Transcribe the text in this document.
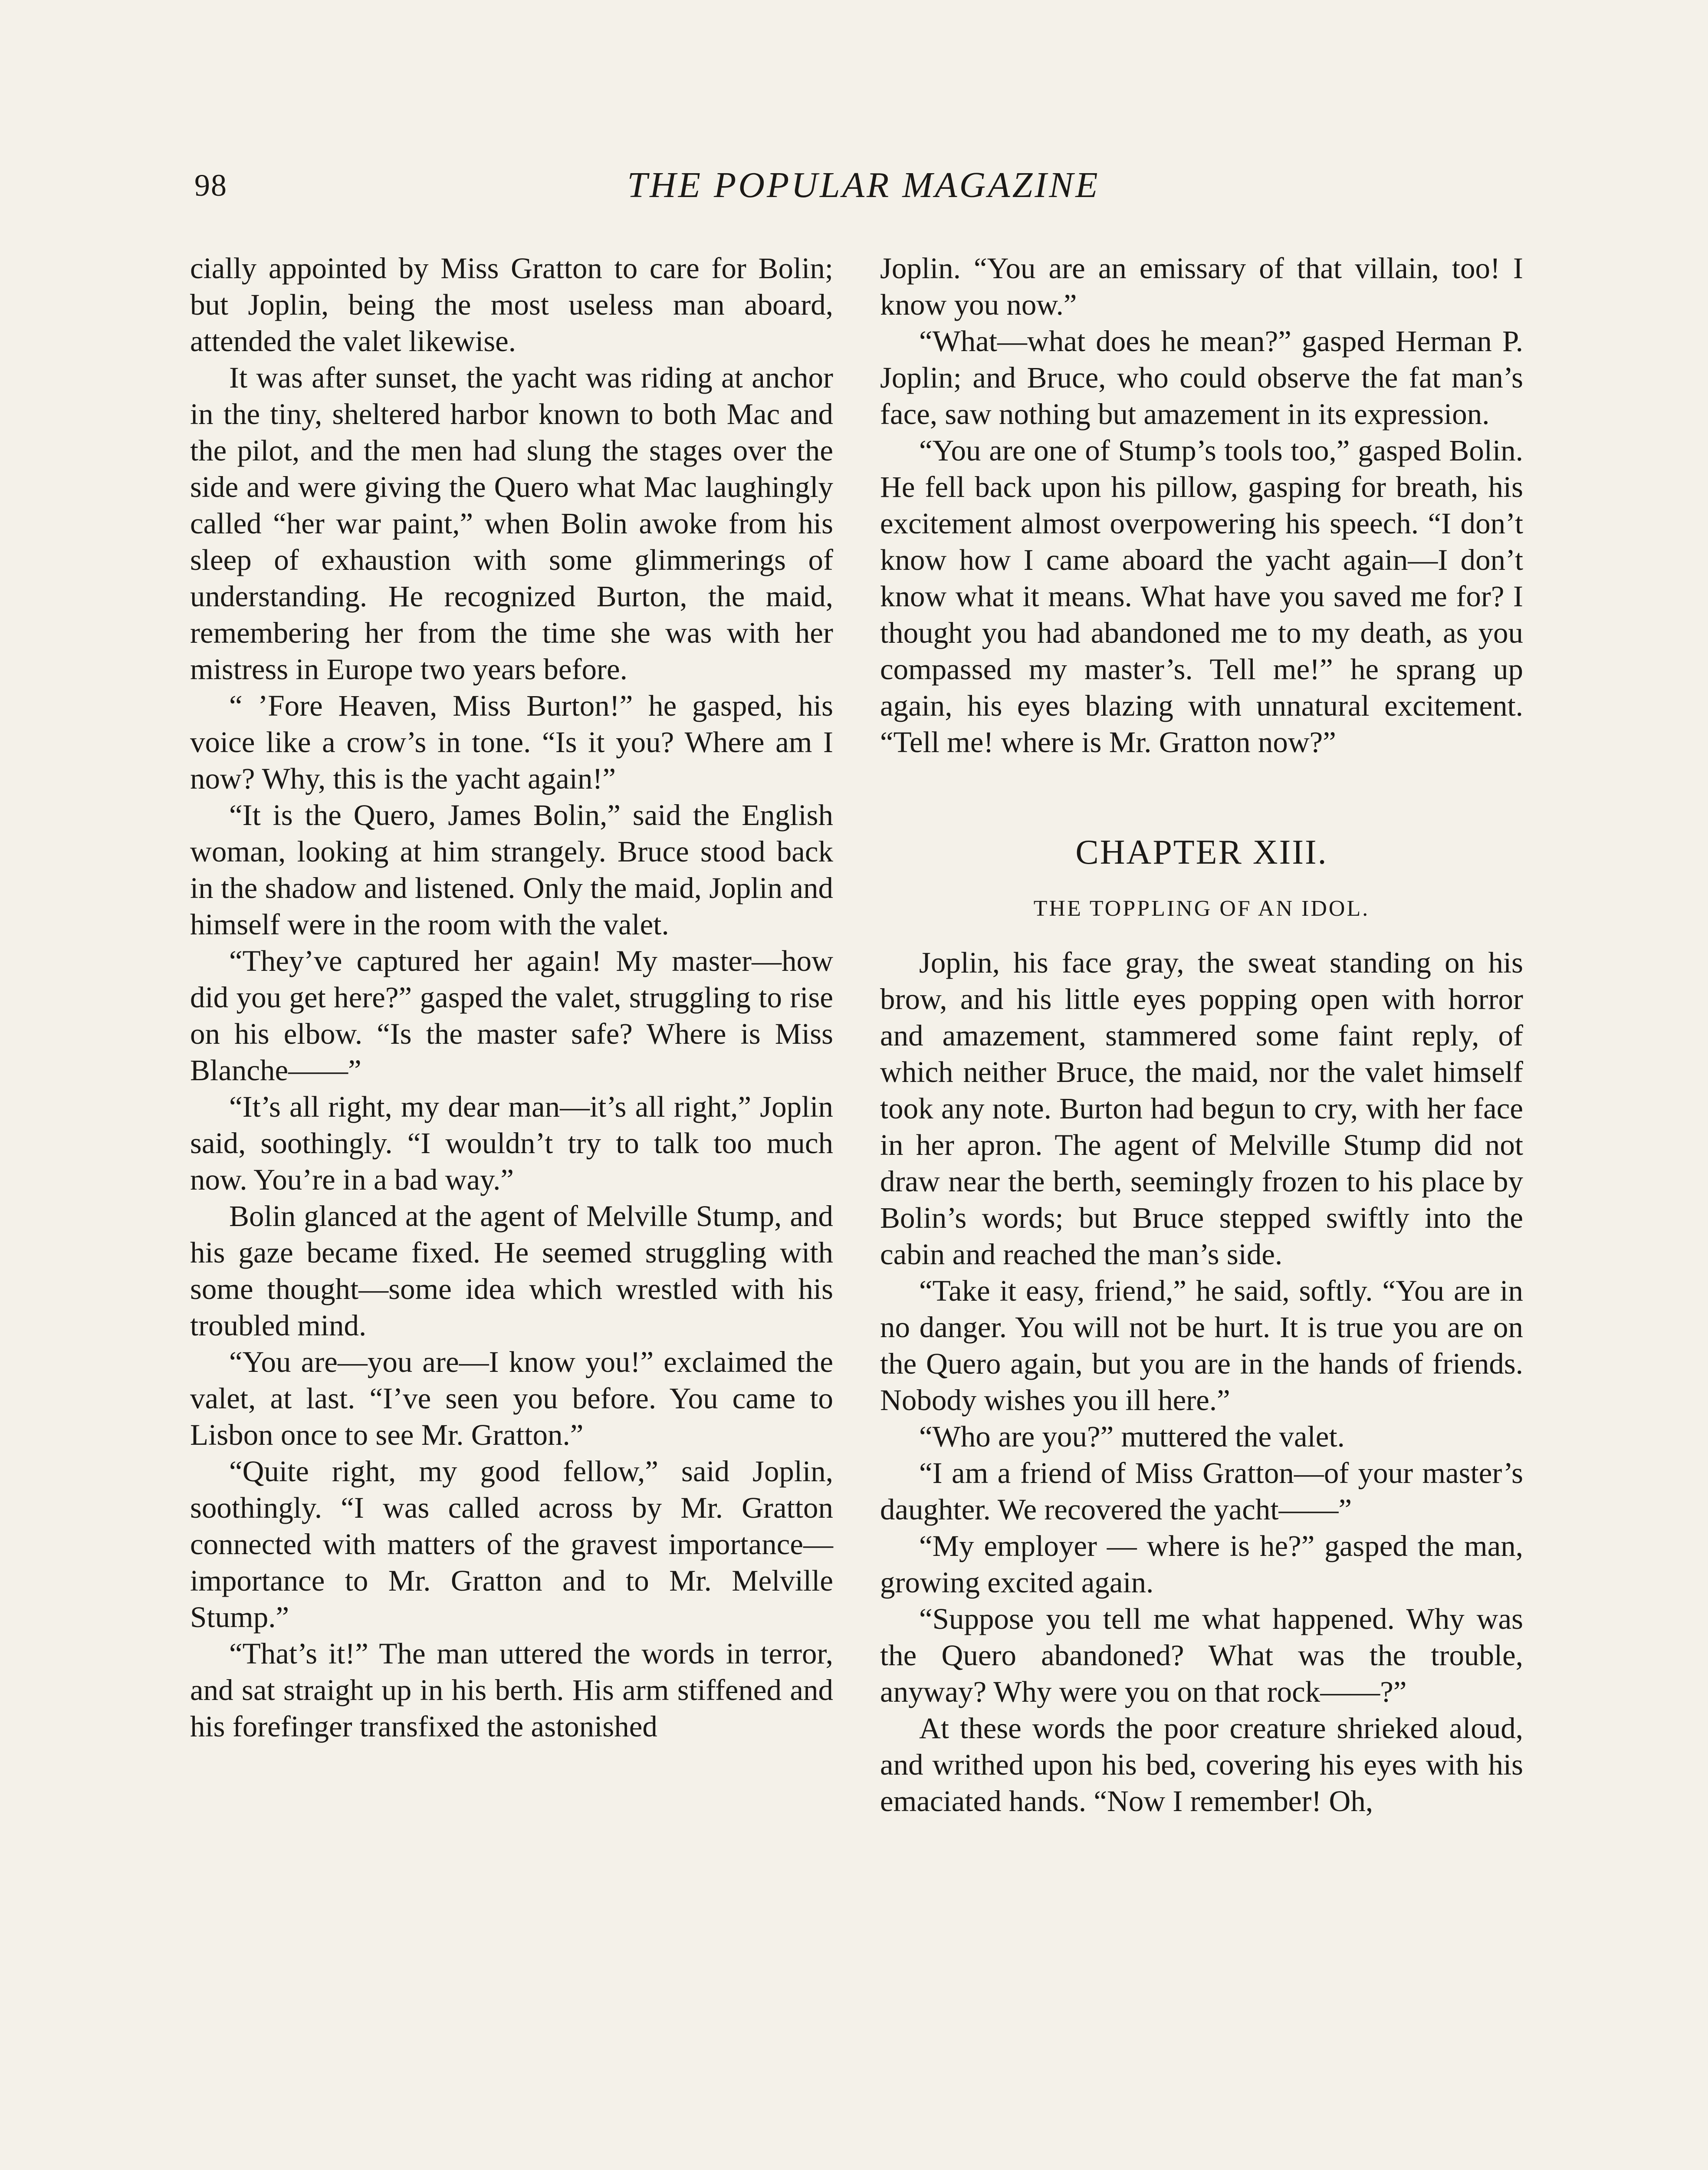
98	THE POPULAR MAGAZINE

cially appointed by Miss Gratton to care for Bolin; but Joplin, being the most useless man aboard, attended the valet likewise.

It was after sunset, the yacht was riding at anchor in the tiny, sheltered harbor known to both Mac and the pilot, and the men had slung the stages over the side and were giving the Quero what Mac laughingly called “her war paint,” when Bolin awoke from his sleep of exhaustion with some glimmerings of understanding. He recognized Burton, the maid, remembering her from the time she was with her mistress in Europe two years before.

“ ’Fore Heaven, Miss Burton!” he gasped, his voice like a crow’s in tone. “Is it you? Where am I now? Why, this is the yacht again!”

“It is the Quero, James Bolin,” said the English woman, looking at him strangely. Bruce stood back in the shadow and listened. Only the maid, Joplin and himself were in the room with the valet.

“They’ve captured her again! My master—how did you get here?” gasped the valet, struggling to rise on his elbow. “Is the master safe? Where is Miss Blanche——”

“It’s all right, my dear man—it’s all right,” Joplin said, soothingly. “I wouldn’t try to talk too much now. You’re in a bad way.”

Bolin glanced at the agent of Melville Stump, and his gaze became fixed. He seemed struggling with some thought—some idea which wrestled with his troubled mind.

“You are—you are—I know you!” exclaimed the valet, at last. “I’ve seen you before. You came to Lisbon once to see Mr. Gratton.”

“Quite right, my good fellow,” said Joplin, soothingly. “I was called across by Mr. Gratton connected with matters of the gravest importance—importance to Mr. Gratton and to Mr. Melville Stump.”

“That’s it!” The man uttered the words in terror, and sat straight up in his berth. His arm stiffened and his forefinger transfixed the astonished

Joplin. “You are an emissary of that villain, too! I know you now.”

“What—what does he mean?” gasped Herman P. Joplin; and Bruce, who could observe the fat man’s face, saw nothing but amazement in its expression.

“You are one of Stump’s tools too,” gasped Bolin. He fell back upon his pillow, gasping for breath, his excitement almost overpowering his speech. “I don’t know how I came aboard the yacht again—I don’t know what it means. What have you saved me for? I thought you had abandoned me to my death, as you compassed my master’s. Tell me!” he sprang up again, his eyes blazing with unnatural excitement. “Tell me! where is Mr. Gratton now?”

CHAPTER XIII.
THE TOPPLING OF AN IDOL.

Joplin, his face gray, the sweat standing on his brow, and his little eyes popping open with horror and amazement, stammered some faint reply, of which neither Bruce, the maid, nor the valet himself took any note. Burton had begun to cry, with her face in her apron. The agent of Melville Stump did not draw near the berth, seemingly frozen to his place by Bolin’s words; but Bruce stepped swiftly into the cabin and reached the man’s side.

“Take it easy, friend,” he said, softly. “You are in no danger. You will not be hurt. It is true you are on the Quero again, but you are in the hands of friends. Nobody wishes you ill here.”

“Who are you?” muttered the valet.

“I am a friend of Miss Gratton—of your master’s daughter. We recovered the yacht——”

“My employer — where is he?” gasped the man, growing excited again.

“Suppose you tell me what happened. Why was the Quero abandoned? What was the trouble, anyway? Why were you on that rock——?”

At these words the poor creature shrieked aloud, and writhed upon his bed, covering his eyes with his emaciated hands. “Now I remember! Oh,
